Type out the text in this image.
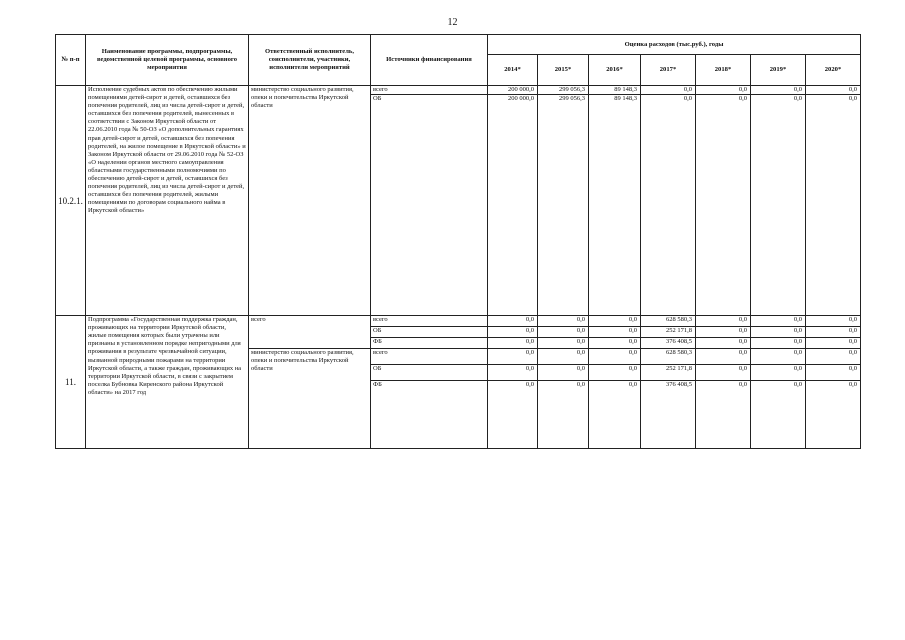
12
№ п-п	Наименование программы, подпрограммы, ведомственной целевой программы, основного мероприятия	Ответственный исполнитель, соисполнители, участники, исполнители мероприятий	Источники финансирования	Оценка расходов (тыс.руб.), годы						
				2014*	2015*	2016*	2017*	2018*	2019*	2020*
10.2.1.	Исполнение судебных актов по обеспечению жилыми помещениями детей-сирот и детей, оставшихся без попечения родителей, лиц из числа детей-сирот и детей, оставшихся без попечения родителей, вынесенных в соответствии с Законом Иркутской области от 22.06.2010 года № 50-ОЗ «О дополнительных гарантиях прав детей-сирот и детей, оставшихся без попечения родителей, на жилое помещение в Иркутской области» и Законом Иркутской области от 29.06.2010 года № 52-ОЗ «О наделении органов местного самоуправления областными государственными полномочиями по обеспечению детей-сирот и детей, оставшихся без попечения родителей, лиц из числа детей-сирот и детей, оставшихся без попечения родителей, жилыми помещениями по договорам социального найма в Иркутской области»	министерство социального развития, опеки и попечительства Иркутской области	всего	200 000,0	299 056,3	89 148,3	0,0	0,0	0,0	0,0
			ОБ	200 000,0	299 056,3	89 148,3	0,0	0,0	0,0	0,0
11.	Подпрограмма «Государственная поддержка граждан, проживающих на территории Иркутской области, жилые помещения которых были утрачены или признаны в установленном порядке непригодными для проживания в результате чрезвычайной ситуации, вызванной природными пожарами на территории Иркутской области, а также граждан, проживающих на территории Иркутской области, в связи с закрытием поселка Бубновка Киренского района Иркутской области» на 2017 год	всего	всего	0,0	0,0	0,0	628 580,3	0,0	0,0	0,0
			ОБ	0,0	0,0	0,0	252 171,8	0,0	0,0	0,0
			ФБ	0,0	0,0	0,0	376 408,5	0,0	0,0	0,0
		министерство социального развития, опеки и попечительства Иркутской области	всего	0,0	0,0	0,0	628 580,3	0,0	0,0	0,0
			ОБ	0,0	0,0	0,0	252 171,8	0,0	0,0	0,0
			ФБ	0,0	0,0	0,0	376 408,5	0,0	0,0	0,0
